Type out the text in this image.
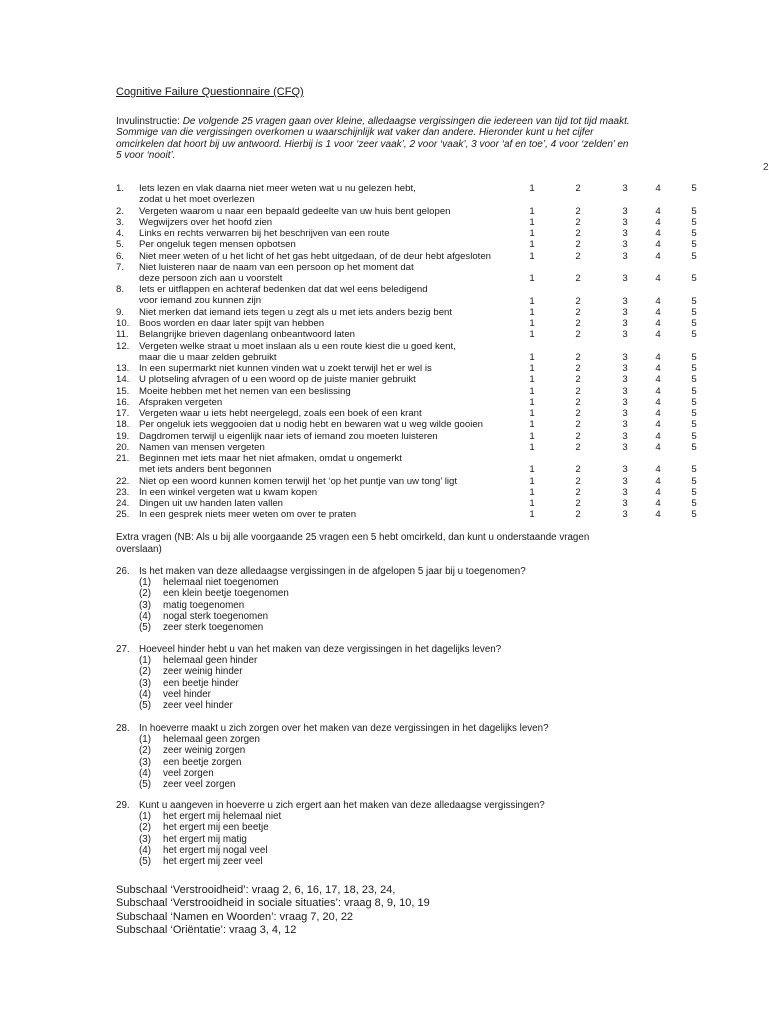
Cognitive Failure Questionnaire (CFQ)
Invulinstructie: De volgende 25 vragen gaan over kleine, alledaagse vergissingen die iedereen van tijd tot tijd maakt.
Sommige van die vergissingen overkomen u waarschijnlijk wat vaker dan andere. Hieronder kunt u het cijfer
omcirkelen dat hoort bij uw antwoord. Hierbij is 1 voor ‘zeer vaak’, 2 voor ‘vaak’, 3 voor ‘af en toe’, 4 voor ‘zelden’ en
5 voor ‘nooit’.
2
1. Iets lezen en vlak daarna niet meer weten wat u nu gelezen hebt,
zodat u het moet overlezen
1	2	3	4	5
2. Vergeten waarom u naar een bepaald gedeelte van uw huis bent gelopen	1	2	3	4	5
3. Wegwijzers over het hoofd zien	1	2	3	4	5
4. Links en rechts verwarren bij het beschrijven van een route	1	2	3	4	5
5. Per ongeluk tegen mensen opbotsen	1	2	3	4	5
6. Niet meer weten of u het licht of het gas hebt uitgedaan, of de deur hebt afgesloten	1	2	3	4	5
7. Niet luisteren naar de naam van een persoon op het moment dat
deze persoon zich aan u voorstelt	1	2	3	4	5
8. Iets er uitflappen en achteraf bedenken dat dat wel eens beledigend
voor iemand zou kunnen zijn	1	2	3	4	5
9. Niet merken dat iemand iets tegen u zegt als u met iets anders bezig bent	1	2	3	4	5
10. Boos worden en daar later spijt van hebben	1	2	3	4	5
11. Belangrijke brieven dagenlang onbeantwoord laten	1	2	3	4	5
12. Vergeten welke straat u moet inslaan als u een route kiest die u goed kent,
maar die u maar zelden gebruikt	1	2	3	4	5
13. In een supermarkt niet kunnen vinden wat u zoekt terwijl het er wel is	1	2	3	4	5
14. U plotseling afvragen of u een woord op de juiste manier gebruikt	1	2	3	4	5
15. Moeite hebben met het nemen van een beslissing	1	2	3	4	5
16. Afspraken vergeten	1	2	3	4	5
17. Vergeten waar u iets hebt neergelegd, zoals een boek of een krant	1	2	3	4	5
18. Per ongeluk iets weggooien dat u nodig hebt en bewaren wat u weg wilde gooien	1	2	3	4	5
19. Dagdromen terwijl u eigenlijk naar iets of iemand zou moeten luisteren	1	2	3	4	5
20. Namen van mensen vergeten	1	2	3	4	5
21. Beginnen met iets maar het niet afmaken, omdat u ongemerkt
met iets anders bent begonnen	1	2	3	4	5
22. Niet op een woord kunnen komen terwijl het ‘op het puntje van uw tong’ ligt	1	2	3	4	5
23. In een winkel vergeten wat u kwam kopen	1	2	3	4	5
24. Dingen uit uw handen laten vallen	1	2	3	4	5
25. In een gesprek niets meer weten om over te praten	1	2	3	4	5
Extra vragen (NB: Als u bij alle voorgaande 25 vragen een 5 hebt omcirkeld, dan kunt u onderstaande vragen overslaan)
26. Is het maken van deze alledaagse vergissingen in de afgelopen 5 jaar bij u toegenomen?
(1) helemaal niet toegenomen
(2) een klein beetje toegenomen
(3) matig toegenomen
(4) nogal sterk toegenomen
(5) zeer sterk toegenomen
27. Hoeveel hinder hebt u van het maken van deze vergissingen in het dagelijks leven?
(1) helemaal geen hinder
(2) zeer weinig hinder
(3) een beetje hinder
(4) veel hinder
(5) zeer veel hinder
28. In hoeverre maakt u zich zorgen over het maken van deze vergissingen in het dagelijks leven?
(1) helemaal geen zorgen
(2) zeer weinig zorgen
(3) een beetje zorgen
(4) veel zorgen
(5) zeer veel zorgen
29. Kunt u aangeven in hoeverre u zich ergert aan het maken van deze alledaagse vergissingen?
(1) het ergert mij helemaal niet
(2) het ergert mij een beetje
(3) het ergert mij matig
(4) het ergert mij nogal veel
(5) het ergert mij zeer veel
Subschaal ‘Verstrooidheid’: vraag 2, 6, 16, 17, 18, 23, 24,
Subschaal ‘Verstrooidheid in sociale situaties’: vraag 8, 9, 10, 19
Subschaal ‘Namen en Woorden’: vraag 7, 20, 22
Subschaal ‘Oriëntatie’: vraag 3, 4, 12
